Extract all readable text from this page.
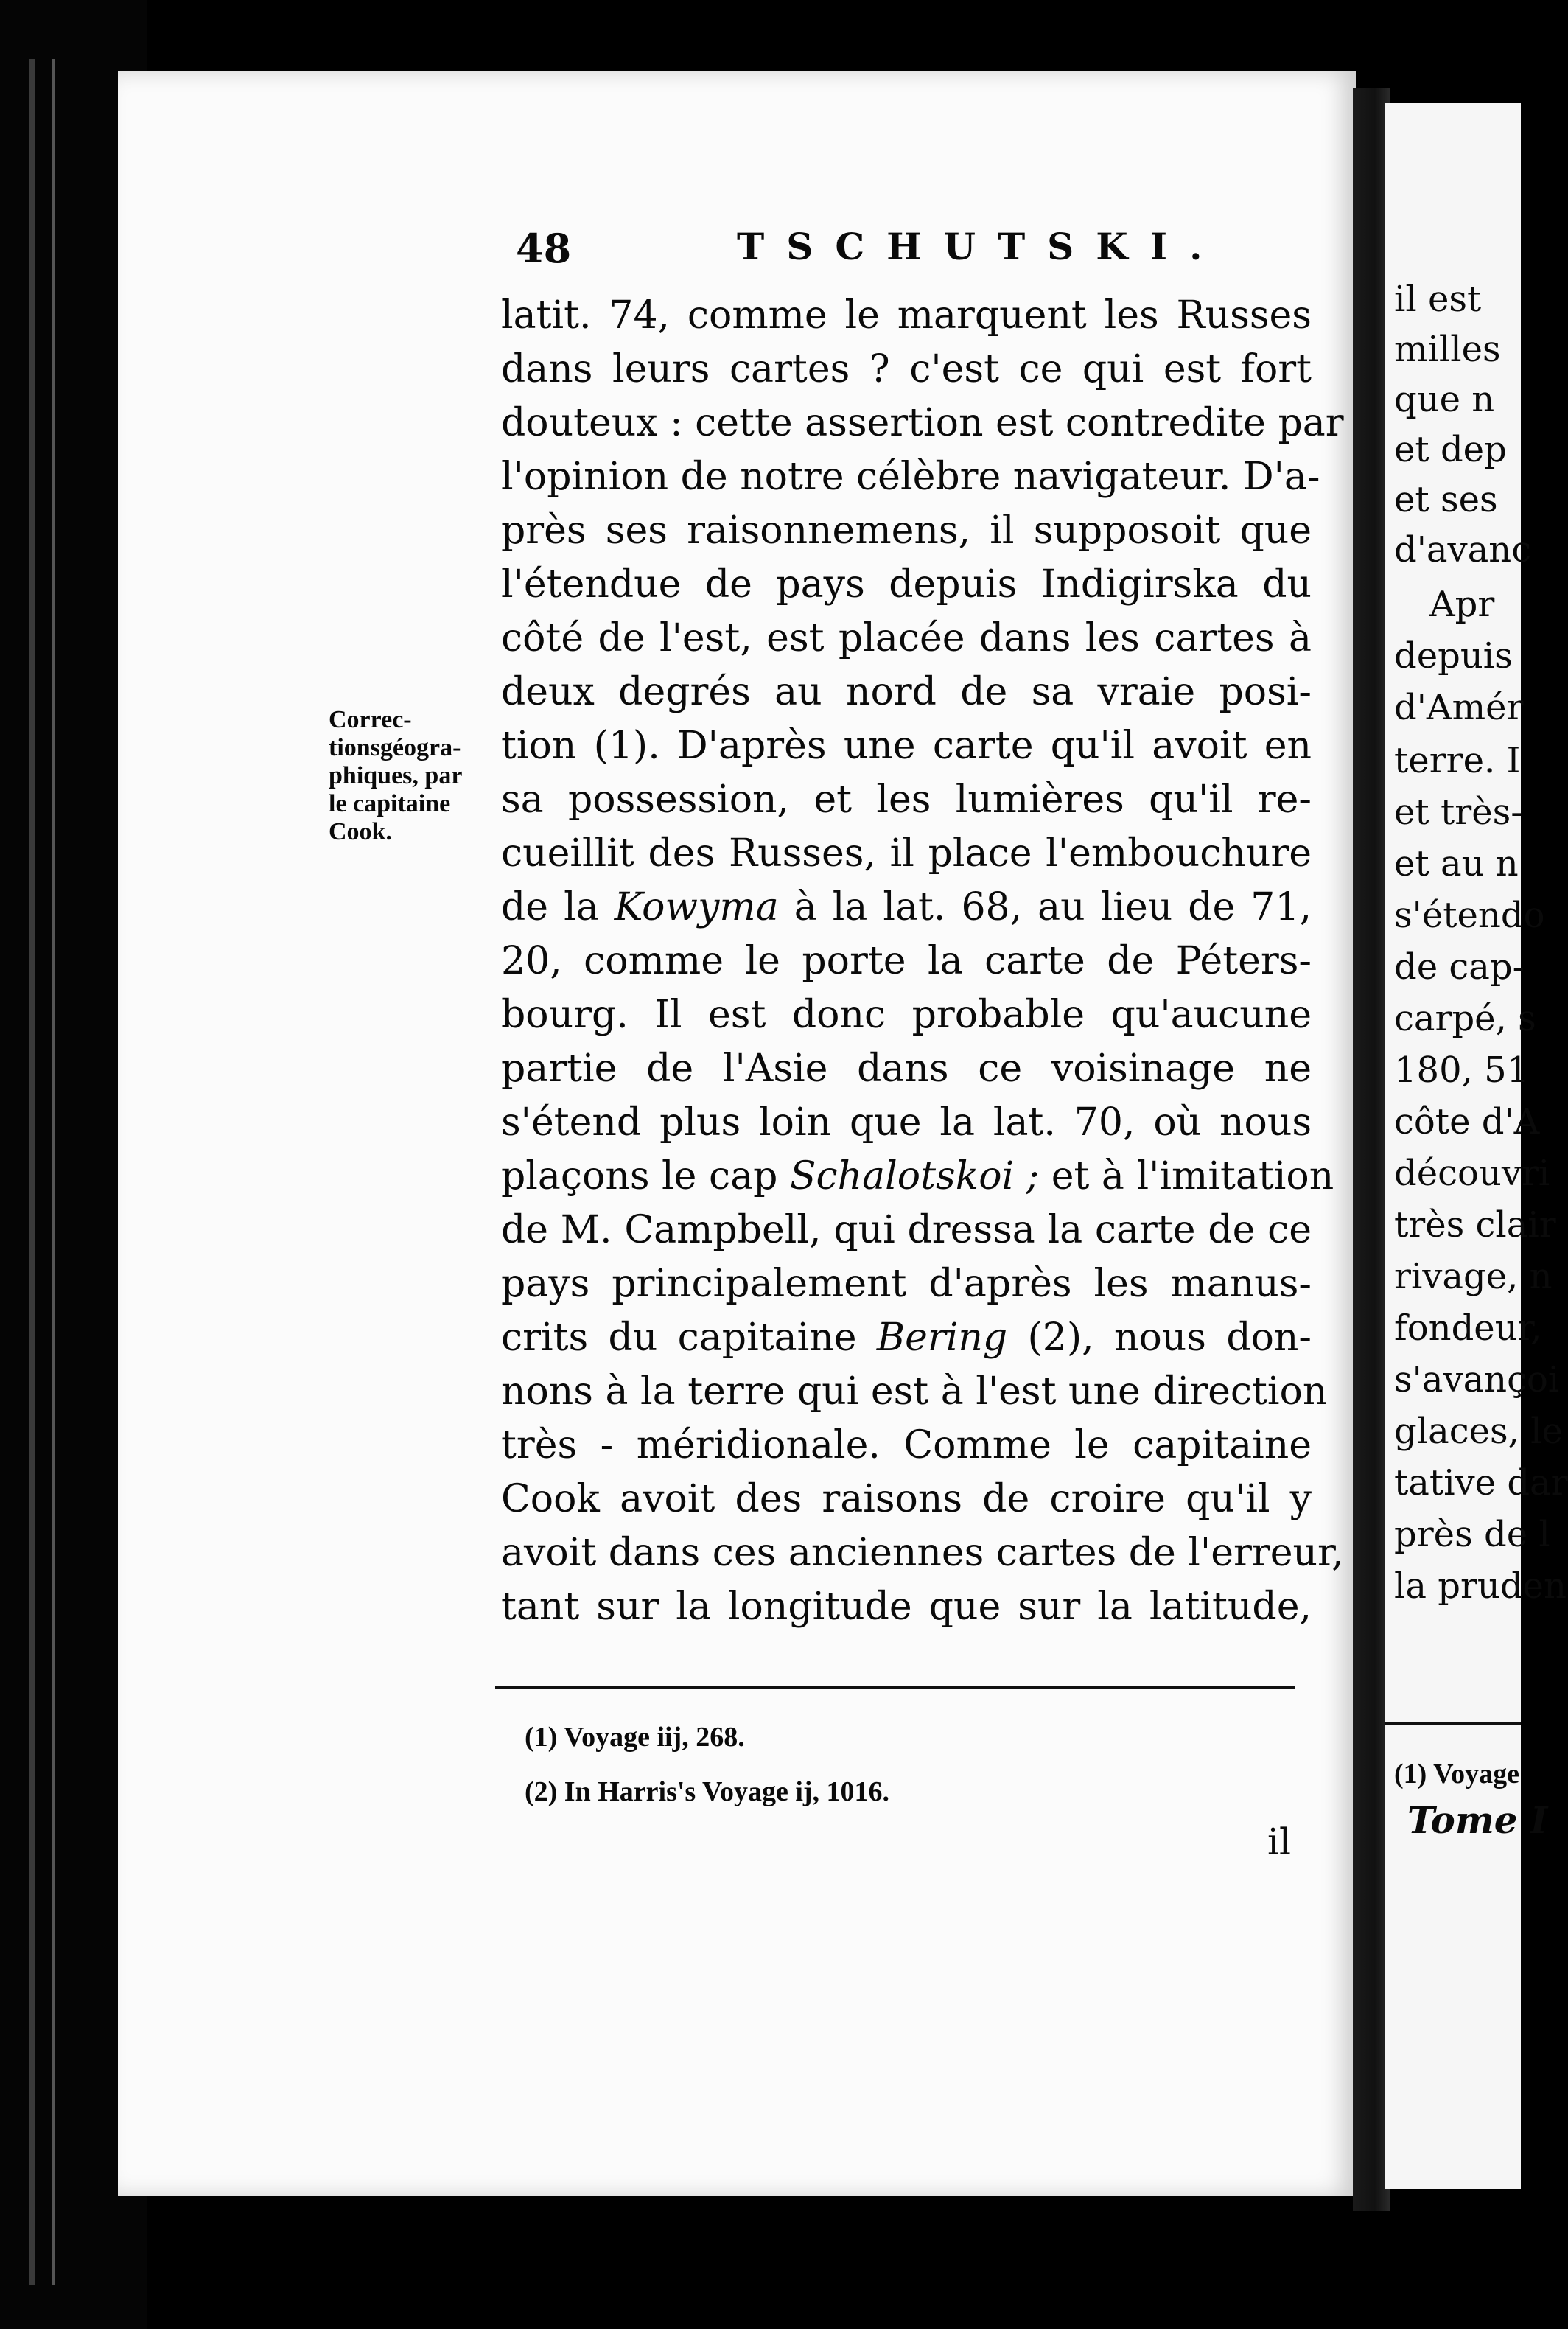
48	TSCHUTSKI.
Correc-
tionsgéogra-
phiques, par
le capitaine
Cook.
latit. 74, comme le marquent les Russes
dans leurs cartes ? c'est ce qui est fort
douteux : cette assertion est contredite par
l'opinion de notre célèbre navigateur. D'a-
près ses raisonnemens, il supposoit que
l'étendue de pays depuis Indigirska du
côté de l'est, est placée dans les cartes à
deux degrés au nord de sa vraie posi-
tion (1). D'après une carte qu'il avoit en
sa possession, et les lumières qu'il re-
cueillit des Russes, il place l'embouchure
de la Kowyma à la lat. 68, au lieu de 71,
20, comme le porte la carte de Péters-
bourg. Il est donc probable qu'aucune
partie de l'Asie dans ce voisinage ne
s'étend plus loin que la lat. 70, où nous
plaçons le cap Schalotskoi ; et à l'imitation
de M. Campbell, qui dressa la carte de ce
pays principalement d'après les manus-
crits du capitaine Bering (2), nous don-
nons à la terre qui est à l'est une direction
très - méridionale. Comme le capitaine
Cook avoit des raisons de croire qu'il y
avoit dans ces anciennes cartes de l'erreur,
tant sur la longitude que sur la latitude,
(1) Voyage iij, 268.
(2) In Harris's Voyage ij, 1016.
il
il est
milles
que n
et dep
et ses
d'avanc
Apr
depuis
d'Amér
terre. I
et très-
et au n
s'étendo
de cap-
carpé, s
180, 51
côte d'A
découvri
très clair
rivage, n
fondeur,
s'avançoi
glaces, le
tative dar
près de l
la pruden
(1) Voyage
Tome I
